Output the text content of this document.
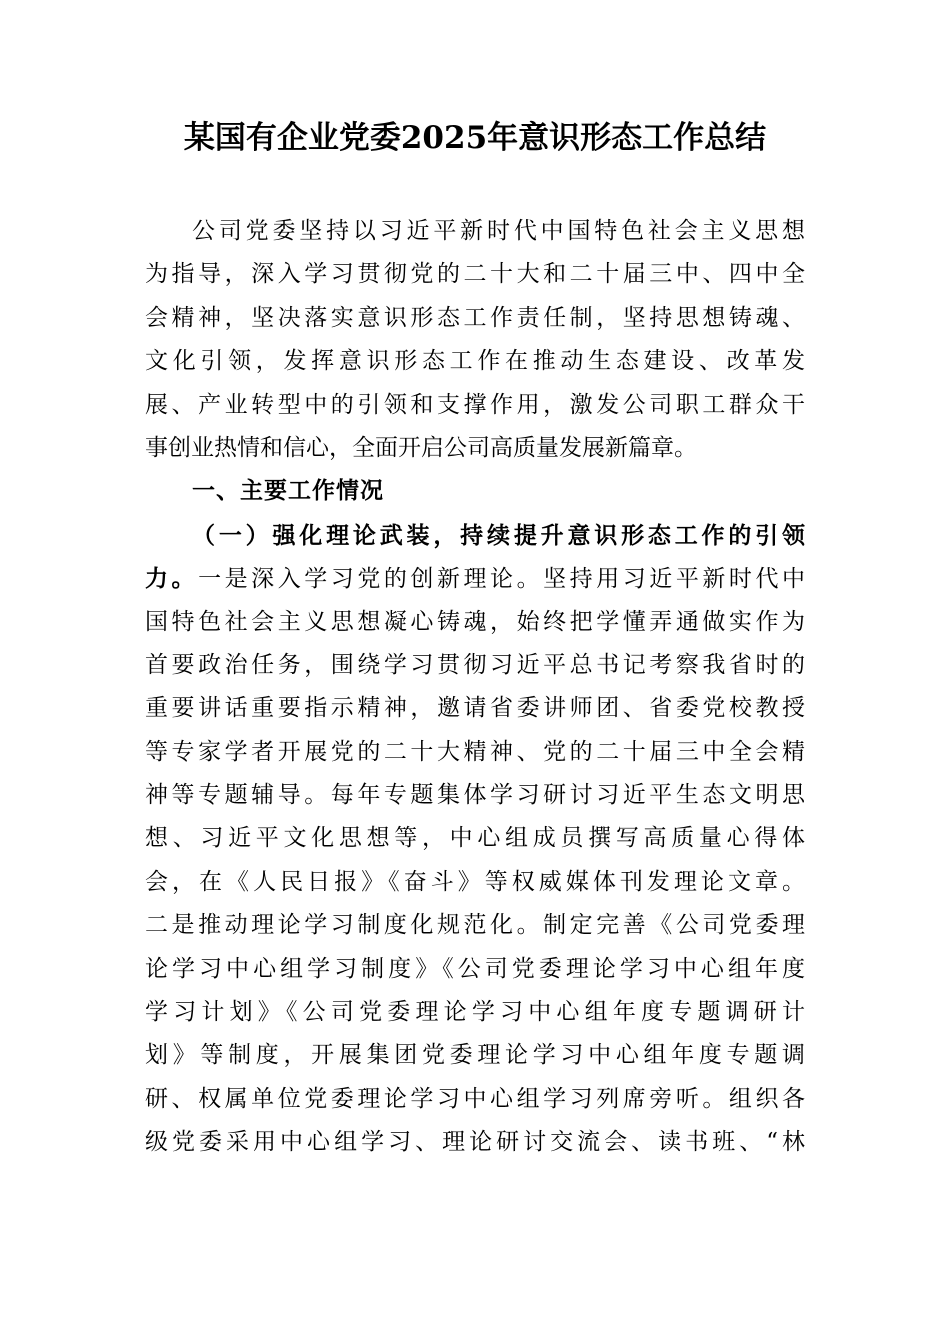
某国有企业党委2025年意识形态工作总结
公司党委坚持以习近平新时代中国特色社会主义思想
为指导，深入学习贯彻党的二十大和二十届三中、四中全
会精神，坚决落实意识形态工作责任制，坚持思想铸魂、
文化引领，发挥意识形态工作在推动生态建设、改革发
展、产业转型中的引领和支撑作用，激发公司职工群众干
事创业热情和信心，全面开启公司高质量发展新篇章。
一、主要工作情况
（一）强化理论武装，持续提升意识形态工作的引领
力。一是深入学习党的创新理论。坚持用习近平新时代中
国特色社会主义思想凝心铸魂，始终把学懂弄通做实作为
首要政治任务，围绕学习贯彻习近平总书记考察我省时的
重要讲话重要指示精神，邀请省委讲师团、省委党校教授
等专家学者开展党的二十大精神、党的二十届三中全会精
神等专题辅导。每年专题集体学习研讨习近平生态文明思
想、习近平文化思想等，中心组成员撰写高质量心得体
会，在《人民日报》《奋斗》等权威媒体刊发理论文章。
二是推动理论学习制度化规范化。制定完善《公司党委理
论学习中心组学习制度》《公司党委理论学习中心组年度
学习计划》《公司党委理论学习中心组年度专题调研计
划》等制度，开展集团党委理论学习中心组年度专题调
研、权属单位党委理论学习中心组学习列席旁听。组织各
级党委采用中心组学习、理论研讨交流会、读书班、“林
